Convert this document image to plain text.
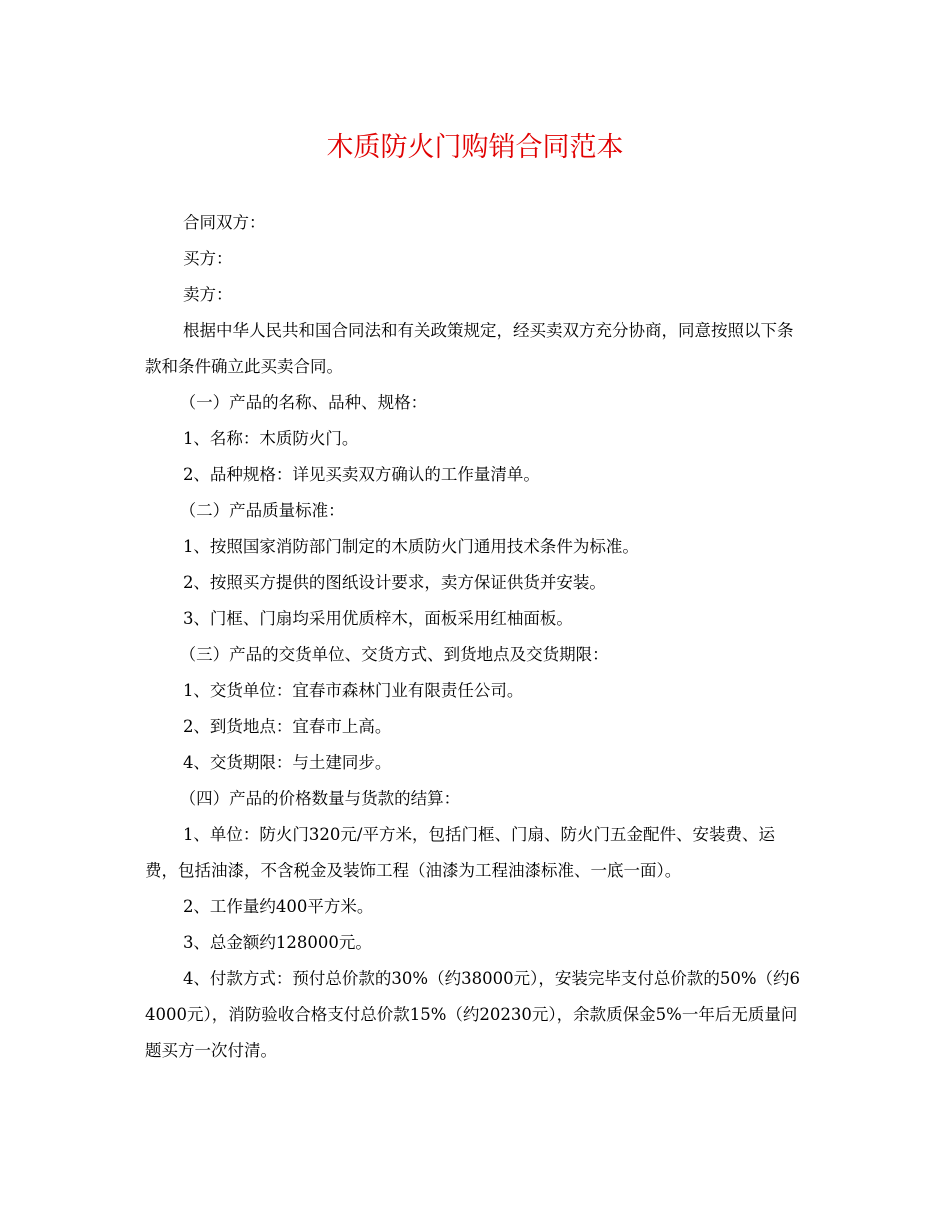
木质防火门购销合同范本

合同双方：

买方：

卖方：

根据中华人民共和国合同法和有关政策规定，经买卖双方充分协商，同意按照以下条款和条件确立此买卖合同。

（一）产品的名称、品种、规格：

1、名称：木质防火门。

2、品种规格：详见买卖双方确认的工作量清单。

（二）产品质量标准：

1、按照国家消防部门制定的木质防火门通用技术条件为标准。

2、按照买方提供的图纸设计要求，卖方保证供货并安装。

3、门框、门扇均采用优质梓木，面板采用红柚面板。

（三）产品的交货单位、交货方式、到货地点及交货期限：

1、交货单位：宜春市森林门业有限责任公司。

2、到货地点：宜春市上高。

4、交货期限：与土建同步。

（四）产品的价格数量与货款的结算：

1、单位：防火门320元/平方米，包括门框、门扇、防火门五金配件、安装费、运费，包括油漆，不含税金及装饰工程（油漆为工程油漆标准、一底一面）。

2、工作量约400平方米。

3、总金额约128000元。

4、付款方式：预付总价款的30%（约38000元），安装完毕支付总价款的50%（约64000元），消防验收合格支付总价款15%（约20230元），余款质保金5%一年后无质量问题买方一次付清。
